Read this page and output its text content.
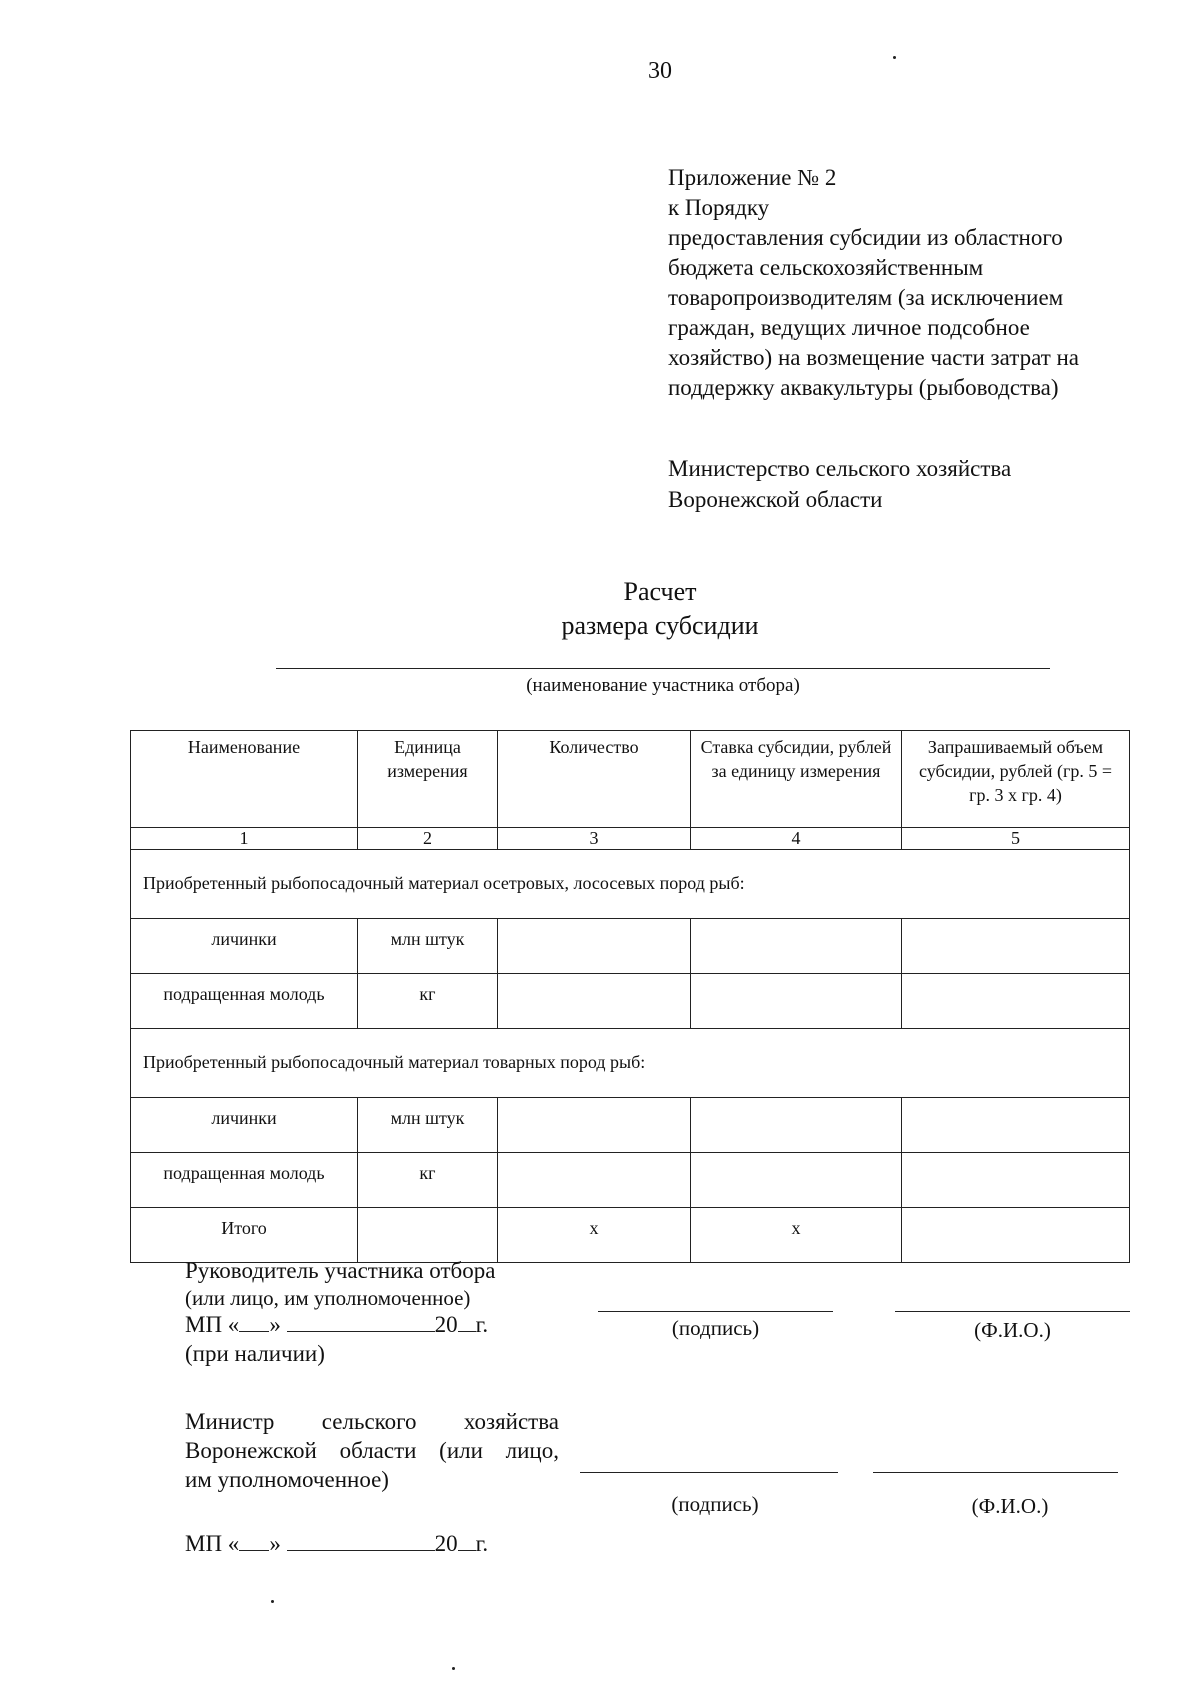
30
Приложение № 2
к Порядку
предоставления субсидии из областного
бюджета сельскохозяйственным
товаропроизводителям (за исключением
граждан, ведущих личное подсобное
хозяйство) на возмещение части затрат на
поддержку аквакультуры (рыбоводства)
Министерство сельского хозяйства
Воронежской области
Расчет
размера субсидии
(наименование участника отбора)
Наименование	Единица измерения	Количество	Ставка субсидии, рублей за единицу измерения	Запрашиваемый объем субсидии, рублей (гр. 5 = гр. 3 х гр. 4)
1	2	3	4	5
Приобретенный рыбопосадочный материал осетровых, лососевых пород рыб:				
личинки	млн штук			
подращенная молодь	кг			
Приобретенный рыбопосадочный материал товарных пород рыб:				
личинки	млн штук			
подращенная молодь	кг			
Итого		х	х	
Руководитель участника отбора
(или лицо, им уполномоченное)
МП « »	20 г.
(при наличии)
(подпись)	(Ф.И.О.)
Министр сельского хозяйства
Воронежской области (или лицо,
им уполномоченное)
(подпись)	(Ф.И.О.)
МП « »	20 г.
